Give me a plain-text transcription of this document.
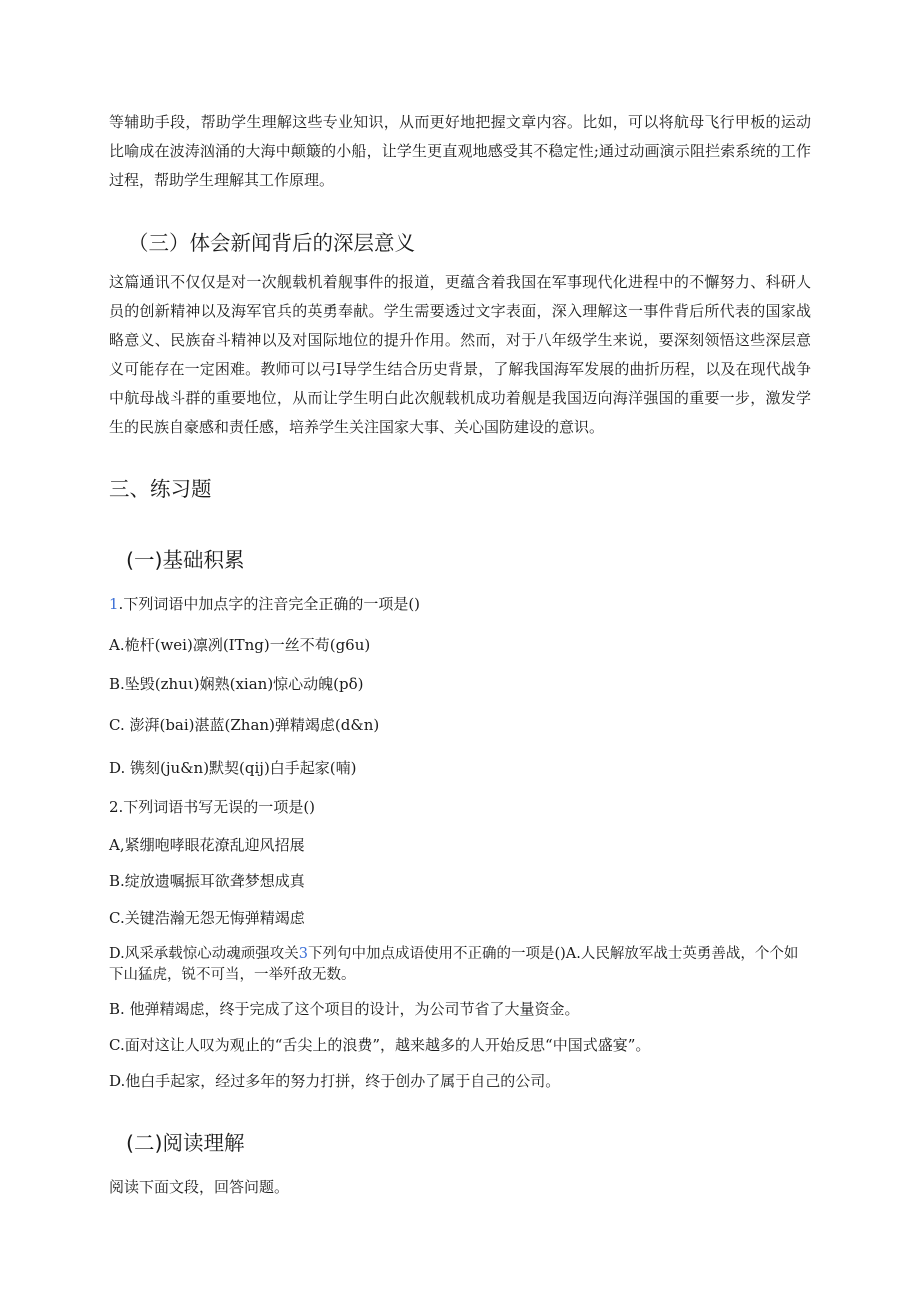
等辅助手段，帮助学生理解这些专业知识，从而更好地把握文章内容。比如，可以将航母飞行甲板的运动比喻成在波涛汹涌的大海中颠簸的小船，让学生更直观地感受其不稳定性;通过动画演示阻拦索系统的工作过程，帮助学生理解其工作原理。

（三）体会新闻背后的深层意义

这篇通讯不仅仅是对一次舰载机着舰事件的报道，更蕴含着我国在军事现代化进程中的不懈努力、科研人员的创新精神以及海军官兵的英勇奉献。学生需要透过文字表面，深入理解这一事件背后所代表的国家战略意义、民族奋斗精神以及对国际地位的提升作用。然而，对于八年级学生来说，要深刻领悟这些深层意义可能存在一定困难。教师可以弓I导学生结合历史背景，了解我国海军发展的曲折历程，以及在现代战争中航母战斗群的重要地位，从而让学生明白此次舰载机成功着舰是我国迈向海洋强国的重要一步，激发学生的民族自豪感和责任感，培养学生关注国家大事、关心国防建设的意识。

三、练习题
(一)基础积累

1.下列词语中加点字的注音完全正确的一项是()

A.桅杆(wei)凛冽(ITng)一丝不苟(g6u)

B.坠毁(zhuι)娴熟(xian)惊心动魄(pδ)

C. 澎湃(bai)湛蓝(Zhan)弹精竭虑(d&n)

D. 镌刻(ju&n)默契(qij)白手起家(喃)

2.下列词语书写无误的一项是()

A,紧绷咆哮眼花潦乱迎风招展

B.绽放遗嘱振耳欲聋梦想成真

C.关键浩瀚无怨无悔弹精竭虑

D.风采承载惊心动魂顽强攻关3下列句中加点成语使用不正确的一项是()A.人民解放军战士英勇善战，个个如下山猛虎，锐不可当，一举歼敌无数。

B. 他弹精竭虑，终于完成了这个项目的设计，为公司节省了大量资金。

C.面对这让人叹为观止的“舌尖上的浪费”，越来越多的人开始反思“中国式盛宴”。

D.他白手起家，经过多年的努力打拼，终于创办了属于自己的公司。

(二)阅读理解

阅读下面文段，回答问题。
